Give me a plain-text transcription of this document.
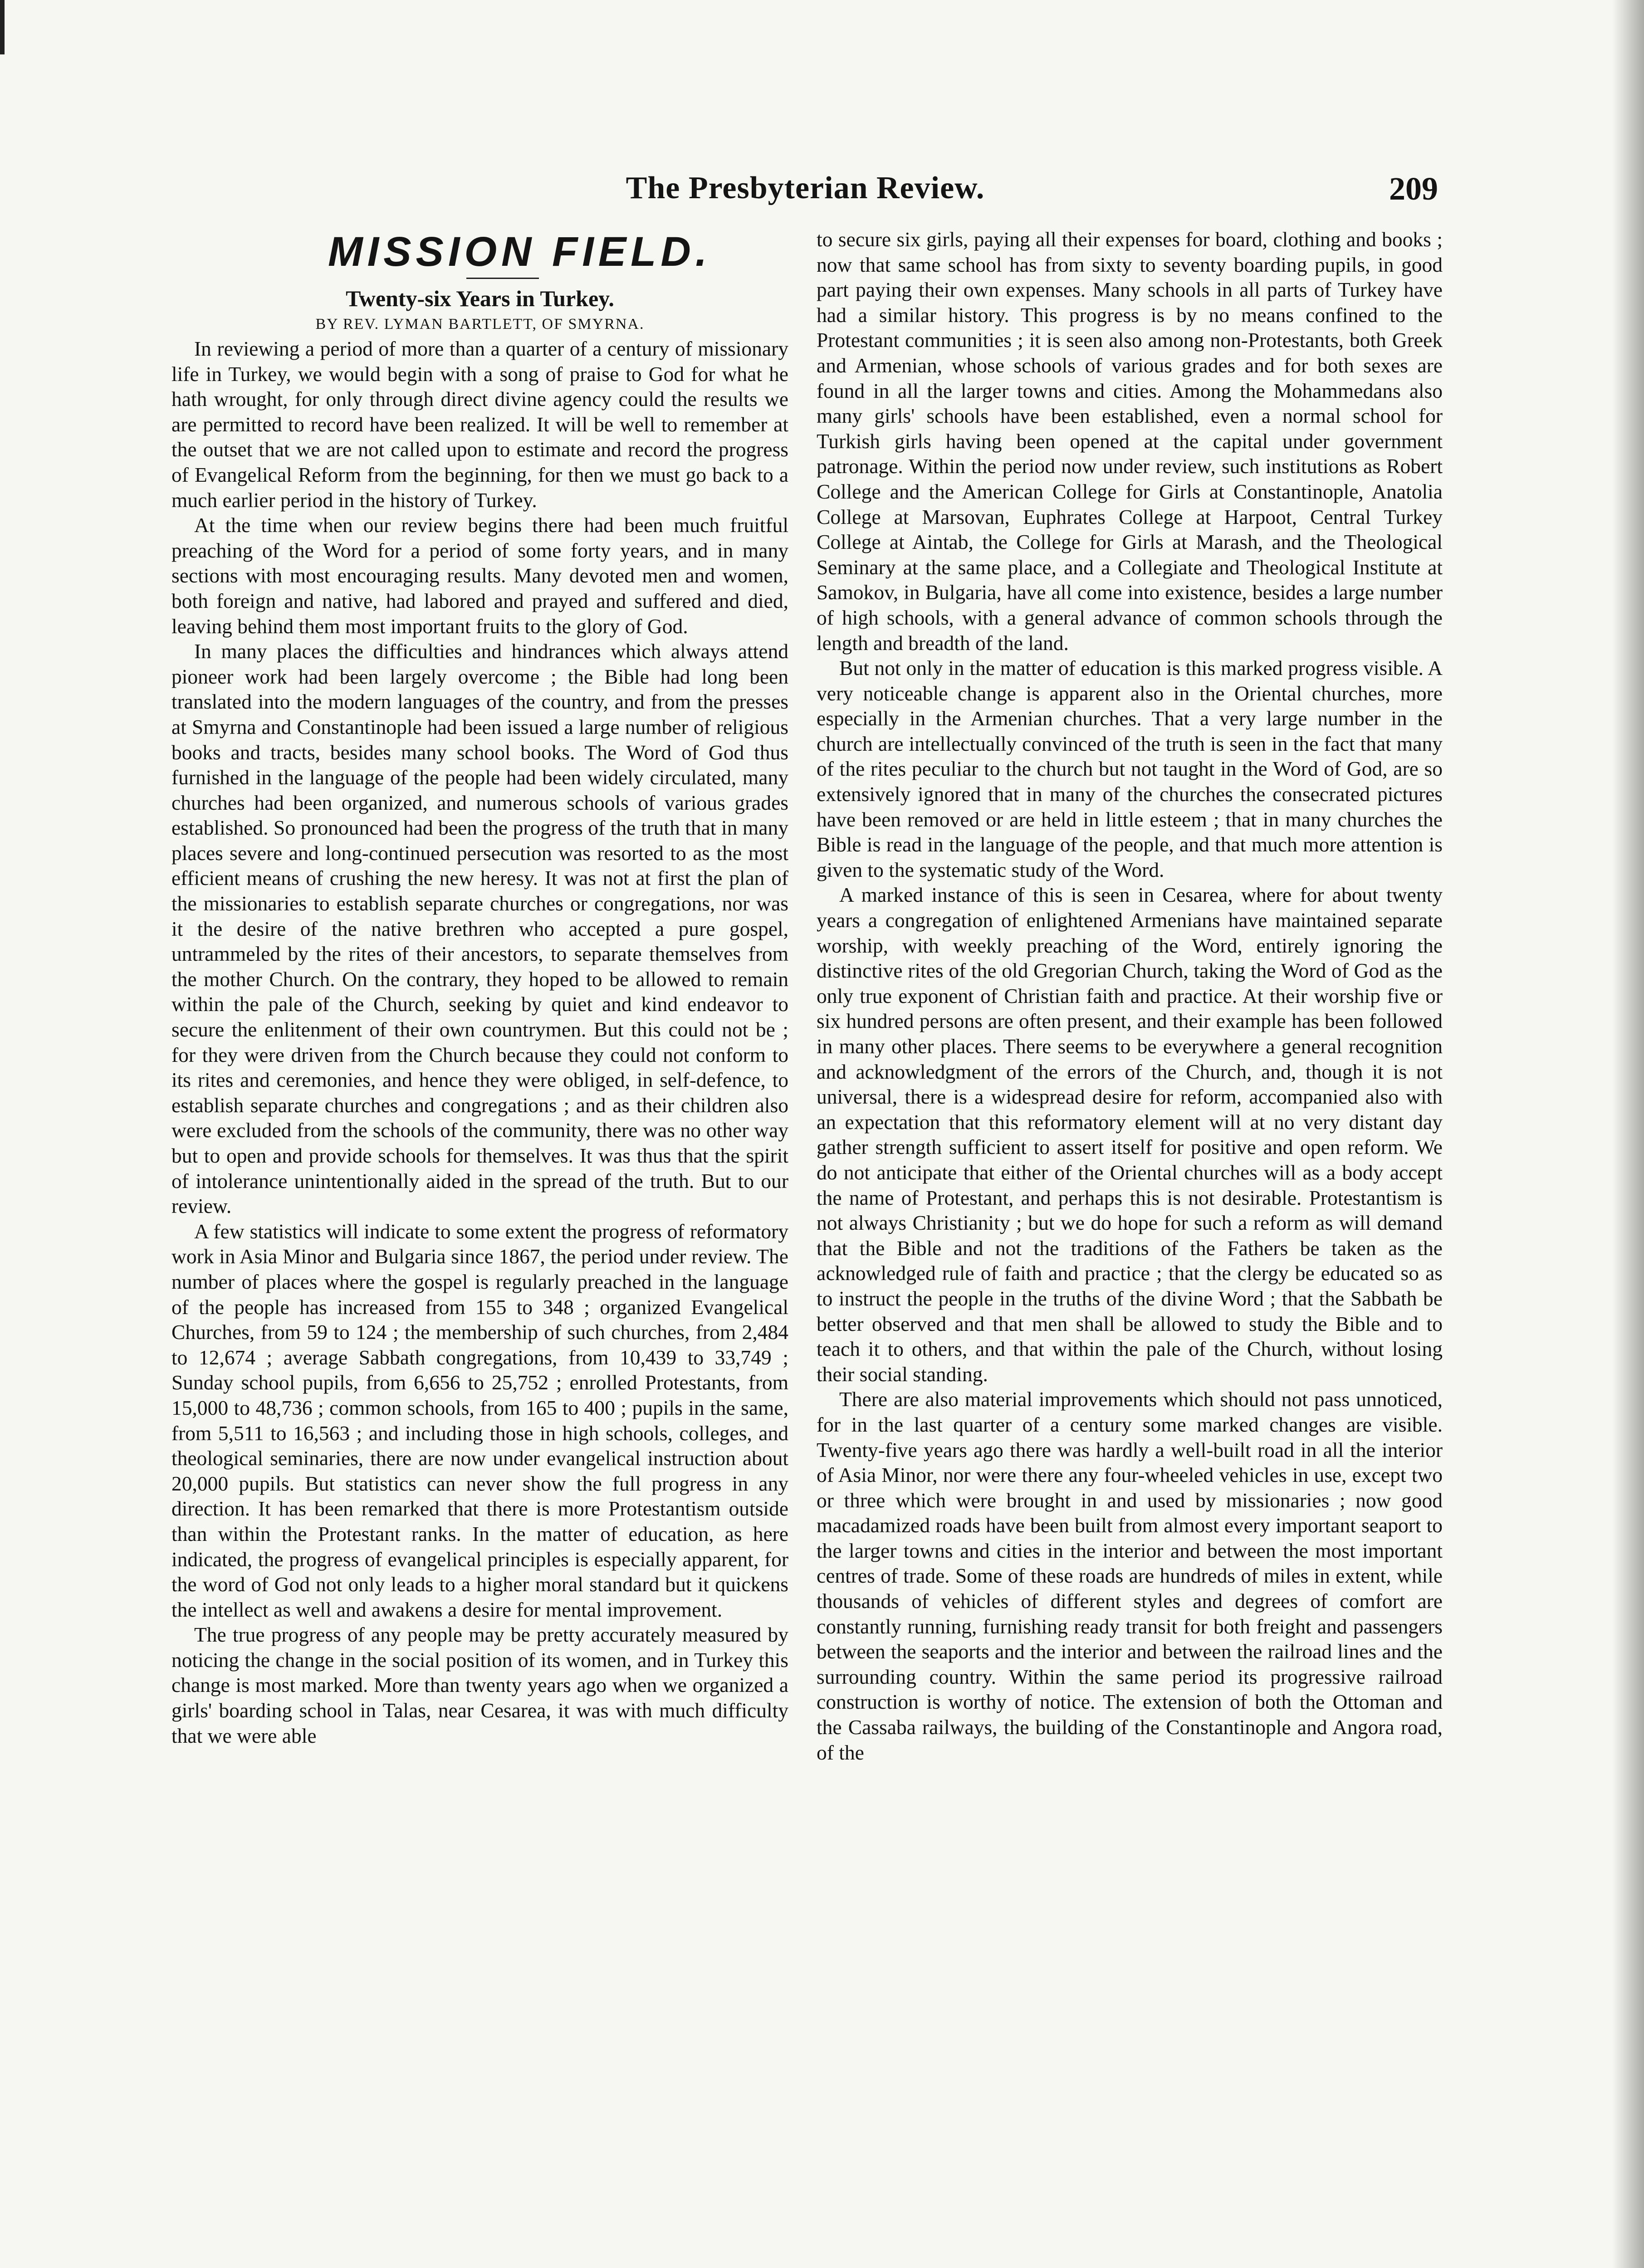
The Presbyterian Review.	209
MISSION FIELD.

Twenty-six Years in Turkey.

BY REV. LYMAN BARTLETT, OF SMYRNA.

In reviewing a period of more than a quarter of a century of missionary life in Turkey, we would begin with a song of praise to God for what he hath wrought, for only through direct divine agency could the results we are permitted to record have been realized. It will be well to remember at the outset that we are not called upon to estimate and record the progress of Evangelical Reform from the beginning, for then we must go back to a much earlier period in the history of Turkey.

At the time when our review begins there had been much fruitful preaching of the Word for a period of some forty years, and in many sections with most encouraging results. Many devoted men and women, both foreign and native, had labored and prayed and suffered and died, leaving behind them most important fruits to the glory of God.

In many places the difficulties and hindrances which always attend pioneer work had been largely overcome ; the Bible had long been translated into the modern languages of the country, and from the presses at Smyrna and Constantinople had been issued a large number of religious books and tracts, besides many school books. The Word of God thus furnished in the language of the people had been widely circulated, many churches had been organized, and numerous schools of various grades established. So pronounced had been the progress of the truth that in many places severe and long-continued persecution was resorted to as the most efficient means of crushing the new heresy. It was not at first the plan of the missionaries to establish separate churches or congregations, nor was it the desire of the native brethren who accepted a pure gospel, untrammeled by the rites of their ancestors, to separate themselves from the mother Church. On the contrary, they hoped to be allowed to remain within the pale of the Church, seeking by quiet and kind endeavor to secure the enlitenment of their own countrymen. But this could not be ; for they were driven from the Church because they could not conform to its rites and ceremonies, and hence they were obliged, in self-defence, to establish separate churches and congregations ; and as their children also were excluded from the schools of the community, there was no other way but to open and provide schools for themselves. It was thus that the spirit of intolerance unintentionally aided in the spread of the truth. But to our review.

A few statistics will indicate to some extent the progress of reformatory work in Asia Minor and Bulgaria since 1867, the period under review. The number of places where the gospel is regularly preached in the language of the people has increased from 155 to 348 ; organized Evangelical Churches, from 59 to 124 ; the membership of such churches, from 2,484 to 12,674 ; average Sabbath congregations, from 10,439 to 33,749 ; Sunday school pupils, from 6,656 to 25,752 ; enrolled Protestants, from 15,000 to 48,736 ; common schools, from 165 to 400 ; pupils in the same, from 5,511 to 16,563 ; and including those in high schools, colleges, and theological seminaries, there are now under evangelical instruction about 20,000 pupils. But statistics can never show the full progress in any direction. It has been remarked that there is more Protestantism outside than within the Protestant ranks. In the matter of education, as here indicated, the progress of evangelical principles is especially apparent, for the word of God not only leads to a higher moral standard but it quickens the intellect as well and awakens a desire for mental improvement.

The true progress of any people may be pretty accurately measured by noticing the change in the social position of its women, and in Turkey this change is most marked. More than twenty years ago when we organized a girls' boarding school in Talas, near Cesarea, it was with much difficulty that we were able

to secure six girls, paying all their expenses for board, clothing and books ; now that same school has from sixty to seventy boarding pupils, in good part paying their own expenses. Many schools in all parts of Turkey have had a similar history. This progress is by no means confined to the Protestant communities ; it is seen also among non-Protestants, both Greek and Armenian, whose schools of various grades and for both sexes are found in all the larger towns and cities. Among the Mohammedans also many girls' schools have been established, even a normal school for Turkish girls having been opened at the capital under government patronage. Within the period now under review, such institutions as Robert College and the American College for Girls at Constantinople, Anatolia College at Marsovan, Euphrates College at Harpoot, Central Turkey College at Aintab, the College for Girls at Marash, and the Theological Seminary at the same place, and a Collegiate and Theological Institute at Samokov, in Bulgaria, have all come into existence, besides a large number of high schools, with a general advance of common schools through the length and breadth of the land.

But not only in the matter of education is this marked progress visible. A very noticeable change is apparent also in the Oriental churches, more especially in the Armenian churches. That a very large number in the church are intellectually convinced of the truth is seen in the fact that many of the rites peculiar to the church but not taught in the Word of God, are so extensively ignored that in many of the churches the consecrated pictures have been removed or are held in little esteem ; that in many churches the Bible is read in the language of the people, and that much more attention is given to the systematic study of the Word.

A marked instance of this is seen in Cesarea, where for about twenty years a congregation of enlightened Armenians have maintained separate worship, with weekly preaching of the Word, entirely ignoring the distinctive rites of the old Gregorian Church, taking the Word of God as the only true exponent of Christian faith and practice. At their worship five or six hundred persons are often present, and their example has been followed in many other places. There seems to be everywhere a general recognition and acknowledgment of the errors of the Church, and, though it is not universal, there is a widespread desire for reform, accompanied also with an expectation that this reformatory element will at no very distant day gather strength sufficient to assert itself for positive and open reform. We do not anticipate that either of the Oriental churches will as a body accept the name of Protestant, and perhaps this is not desirable. Protestantism is not always Christianity ; but we do hope for such a reform as will demand that the Bible and not the traditions of the Fathers be taken as the acknowledged rule of faith and practice ; that the clergy be educated so as to instruct the people in the truths of the divine Word ; that the Sabbath be better observed and that men shall be allowed to study the Bible and to teach it to others, and that within the pale of the Church, without losing their social standing.

There are also material improvements which should not pass unnoticed, for in the last quarter of a century some marked changes are visible. Twenty-five years ago there was hardly a well-built road in all the interior of Asia Minor, nor were there any four-wheeled vehicles in use, except two or three which were brought in and used by missionaries ; now good macadamized roads have been built from almost every important seaport to the larger towns and cities in the interior and between the most important centres of trade. Some of these roads are hundreds of miles in extent, while thousands of vehicles of different styles and degrees of comfort are constantly running, furnishing ready transit for both freight and passengers between the seaports and the interior and between the railroad lines and the surrounding country. Within the same period its progressive railroad construction is worthy of notice. The extension of both the Ottoman and the Cassaba railways, the building of the Constantinople and Angora road, of the
